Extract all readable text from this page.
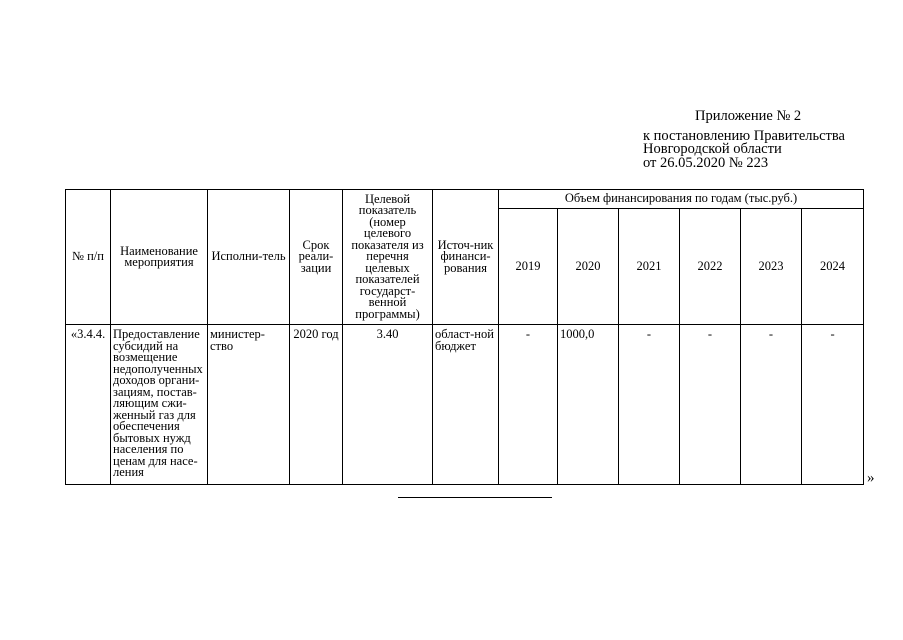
Приложение № 2
к постановлению Правительства
Новгородской области
от 26.05.2020 № 223
№ п/п	Наименование мероприятия	Исполни-тель	Срок реали-зации	Целевой показатель (номер целевого показателя из перечня целевых показателей государст-венной программы)	Источ-ник финанси-рования	Объем финансирования по годам (тыс.руб.)					
						2019	2020	2021	2022	2023	2024
«3.4.4.	Предоставление субсидий на возмещение недополученных доходов органи-зациям, постав-ляющим сжи-женный газ для обеспечения бытовых нужд населения по ценам для насе-ления	министер-ство	2020 год	3.40	област-ной бюджет	-	1000,0	-	-	-	-
»
